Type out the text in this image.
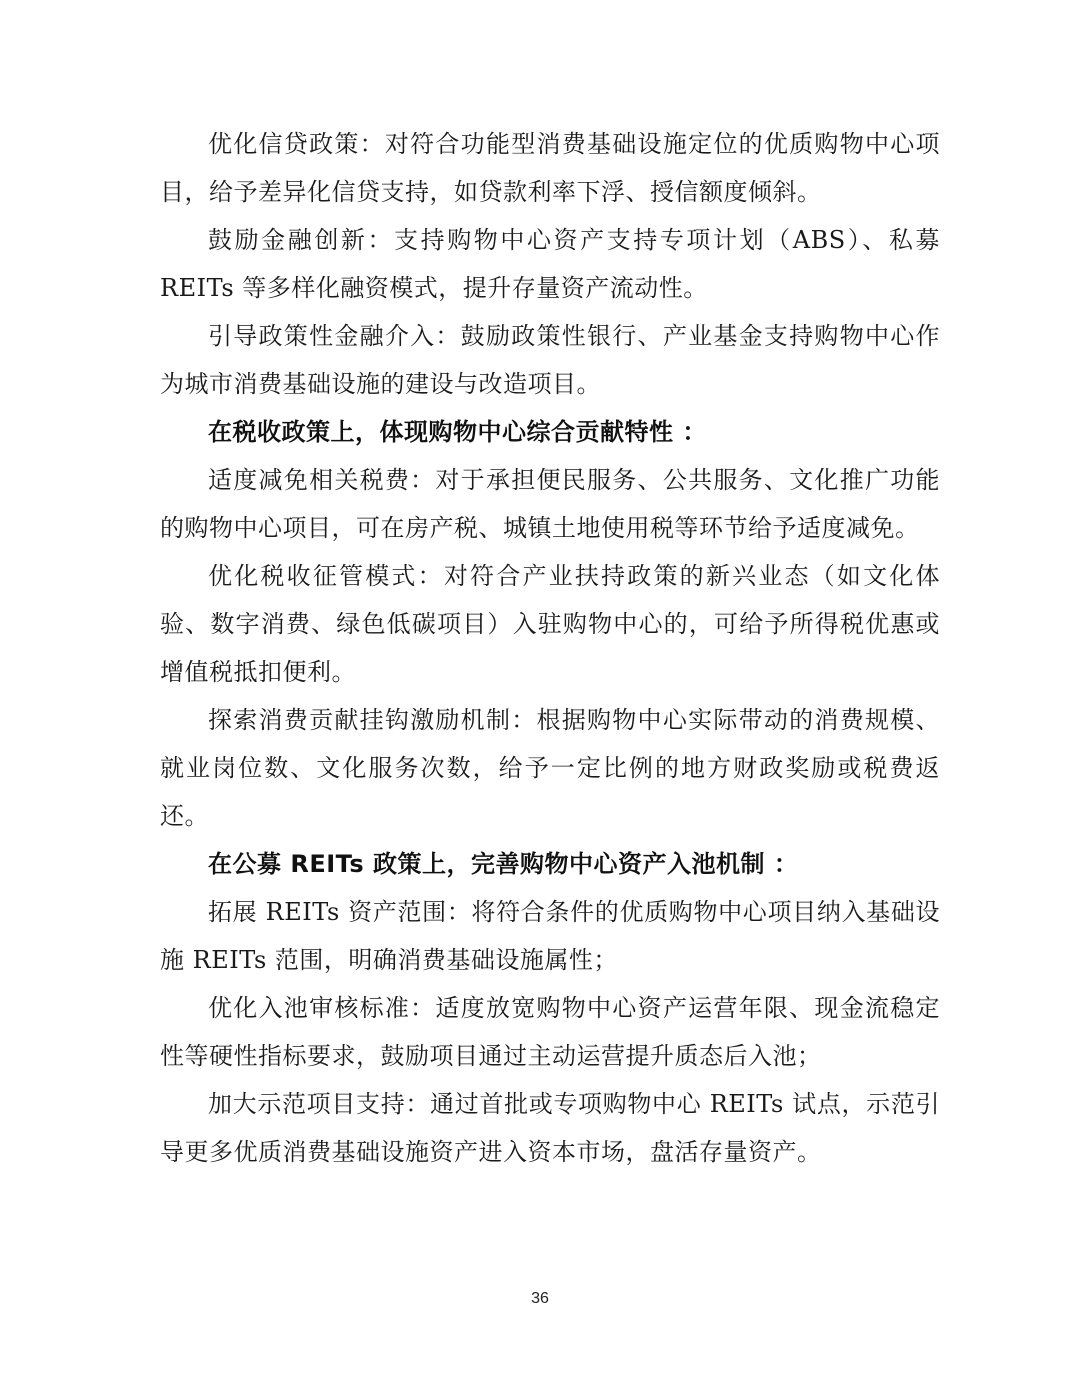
优化信贷政策：对符合功能型消费基础设施定位的优质购物中心项目，给予差异化信贷支持，如贷款利率下浮、授信额度倾斜。

鼓励金融创新：支持购物中心资产支持专项计划（ABS）、私募 REITs 等多样化融资模式，提升存量资产流动性。

引导政策性金融介入：鼓励政策性银行、产业基金支持购物中心作为城市消费基础设施的建设与改造项目。

在税收政策上，体现购物中心综合贡献特性 ：

适度减免相关税费：对于承担便民服务、公共服务、文化推广功能的购物中心项目，可在房产税、城镇土地使用税等环节给予适度减免。

优化税收征管模式：对符合产业扶持政策的新兴业态（如文化体验、数字消费、绿色低碳项目）入驻购物中心的，可给予所得税优惠或增值税抵扣便利。

探索消费贡献挂钩激励机制：根据购物中心实际带动的消费规模、就业岗位数、文化服务次数，给予一定比例的地方财政奖励或税费返还。

在公募 REITs 政策上，完善购物中心资产入池机制 ：

拓展 REITs 资产范围：将符合条件的优质购物中心项目纳入基础设施 REITs 范围，明确消费基础设施属性；

优化入池审核标准：适度放宽购物中心资产运营年限、现金流稳定性等硬性指标要求，鼓励项目通过主动运营提升质态后入池；

加大示范项目支持：通过首批或专项购物中心 REITs 试点，示范引导更多优质消费基础设施资产进入资本市场，盘活存量资产。

36
